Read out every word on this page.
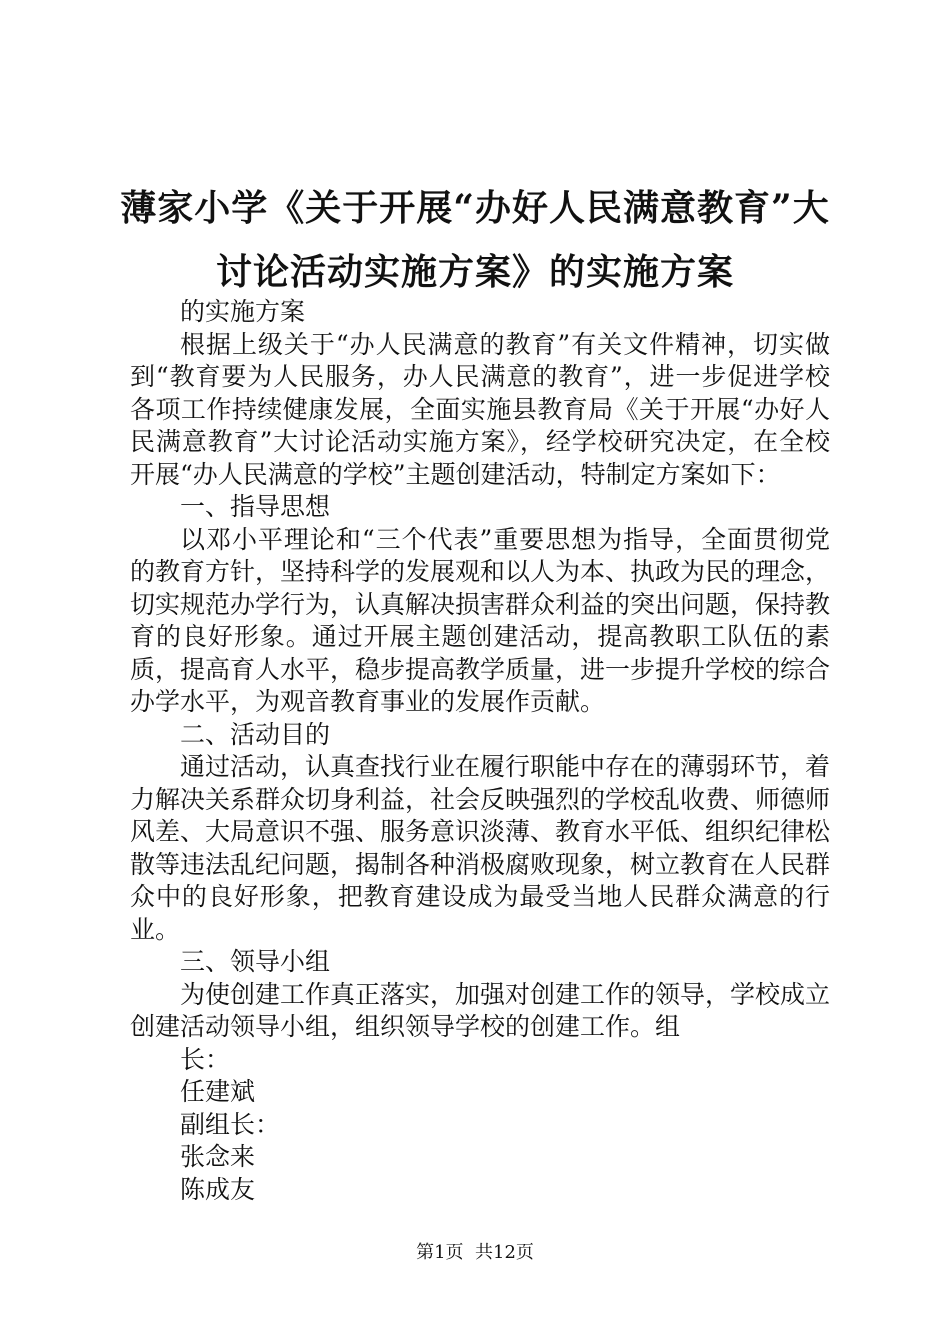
薄家小学《关于开展“办好人民满意教育”大讨论活动实施方案》的实施方案

的实施方案

根据上级关于“办人民满意的教育”有关文件精神，切实做到“教育要为人民服务，办人民满意的教育”，进一步促进学校各项工作持续健康发展，全面实施县教育局《关于开展“办好人民满意教育”大讨论活动实施方案》，经学校研究决定，在全校开展“办人民满意的学校”主题创建活动，特制定方案如下：

一、指导思想

以邓小平理论和“三个代表”重要思想为指导，全面贯彻党的教育方针，坚持科学的发展观和以人为本、执政为民的理念，切实规范办学行为，认真解决损害群众利益的突出问题，保持教育的良好形象。通过开展主题创建活动，提高教职工队伍的素质，提高育人水平，稳步提高教学质量，进一步提升学校的综合办学水平，为观音教育事业的发展作贡献。

二、活动目的

通过活动，认真查找行业在履行职能中存在的薄弱环节，着力解决关系群众切身利益，社会反映强烈的学校乱收费、师德师风差、大局意识不强、服务意识淡薄、教育水平低、组织纪律松散等违法乱纪问题，揭制各种消极腐败现象，树立教育在人民群众中的良好形象，把教育建设成为最受当地人民群众满意的行业。

三、领导小组

为使创建工作真正落实，加强对创建工作的领导，学校成立创建活动领导小组，组织领导学校的创建工作。组

长：

任建斌

副组长：

张念来

陈成友

第1页  共12页
